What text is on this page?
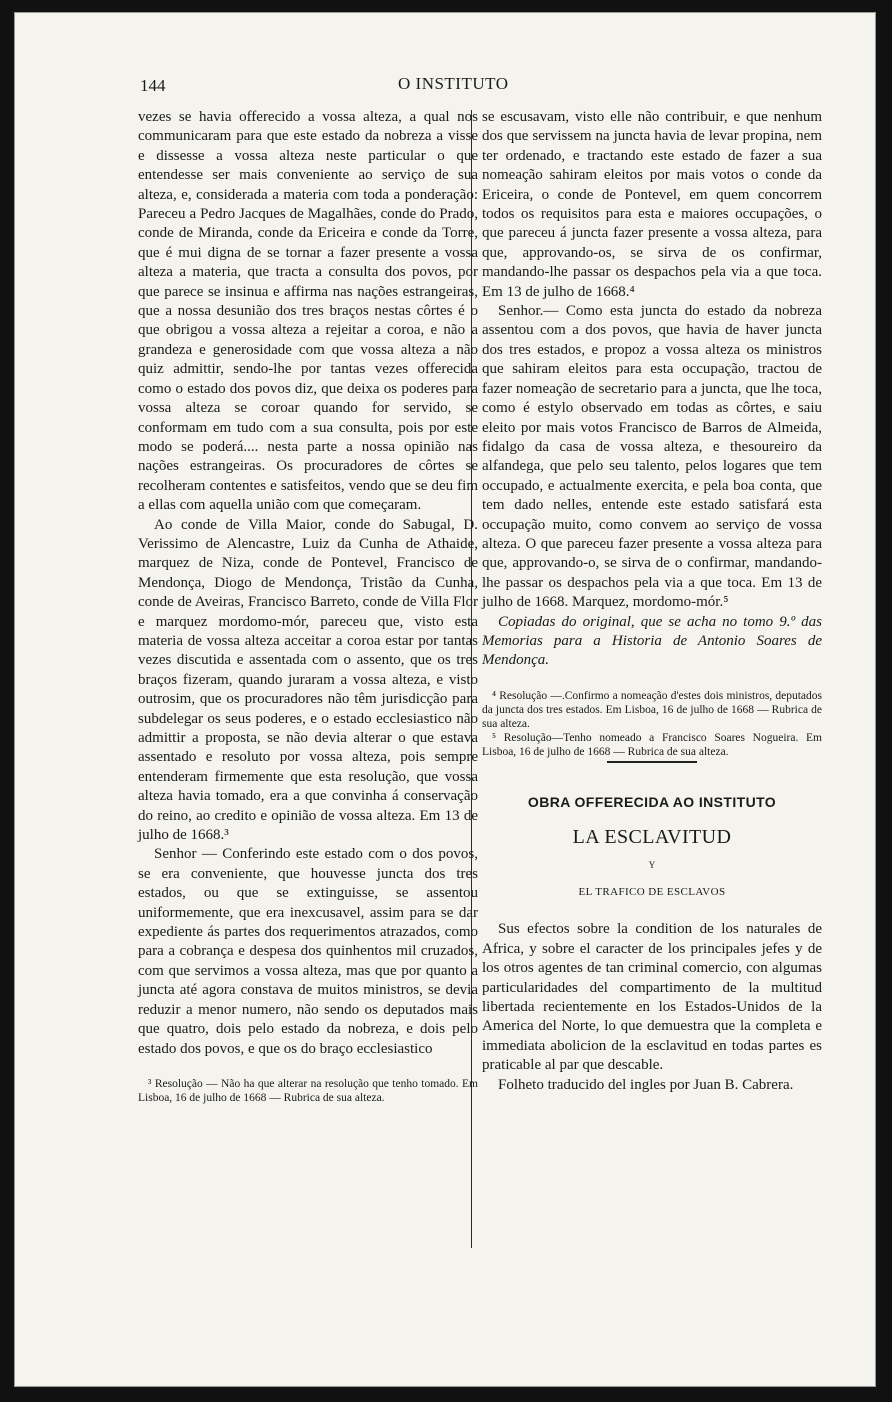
144	O INSTITUTO

vezes se havia offerecido a vossa alteza, a qual nos communicaram para que este estado da nobreza a visse e dissesse a vossa alteza neste particular o que entendesse ser mais conveniente ao serviço de sua alteza, e, considerada a materia com toda a ponderação: Pareceu a Pedro Jacques de Magalhães, conde do Prado, conde de Miranda, conde da Ericeira e conde da Torre, que é mui digna de se tornar a fazer presente a vossa alteza a materia, que tracta a consulta dos povos, por que parece se insinua e affirma nas nações estrangeiras, que a nossa desunião dos tres braços nestas côrtes é o que obrigou a vossa alteza a rejeitar a coroa, e não a grandeza e generosidade com que vossa alteza a não quiz admittir, sendo-lhe por tantas vezes offerecida como o estado dos povos diz, que deixa os poderes para vossa alteza se coroar quando for servido, se conformam em tudo com a sua consulta, pois por este modo se poderá.... nesta parte a nossa opinião nas nações estrangeiras. Os procuradores de côrtes se recolheram contentes e satisfeitos, vendo que se deu fim a ellas com aquella união com que começaram.

Ao conde de Villa Maior, conde do Sabugal, D. Verissimo de Alencastre, Luiz da Cunha de Athaide, marquez de Niza, conde de Pontevel, Francisco de Mendonça, Diogo de Mendonça, Tristão da Cunha, conde de Aveiras, Francisco Barreto, conde de Villa Flor e marquez mordomo-mór, pareceu que, visto esta materia de vossa alteza acceitar a coroa estar por tantas vezes discutida e assentada com o assento, que os tres braços fizeram, quando juraram a vossa alteza, e visto outrosim, que os procuradores não têm jurisdicção para subdelegar os seus poderes, e o estado ecclesiastico não admittir a proposta, se não devia alterar o que estava assentado e resoluto por vossa alteza, pois sempre entenderam firmemente que esta resolução, que vossa alteza havia tomado, era a que convinha á conservação do reino, ao credito e opinião de vossa alteza. Em 13 de julho de 1668.³

Senhor — Conferindo este estado com o dos povos, se era conveniente, que houvesse juncta dos tres estados, ou que se extinguisse, se assentou uniformemente, que era inexcusavel, assim para se dar expediente ás partes dos requerimentos atrazados, como para a cobrança e despesa dos quinhentos mil cruzados, com que servimos a vossa alteza, mas que por quanto a juncta até agora constava de muitos ministros, se devia reduzir a menor numero, não sendo os deputados mais que quatro, dois pelo estado da nobreza, e dois pelo estado dos povos, e que os do braço ecclesiastico

³ Resolução — Não ha que alterar na resolução que tenho tomado. Em Lisboa, 16 de julho de 1668 — Rubrica de sua alteza.

se escusavam, visto elle não contribuir, e que nenhum dos que servissem na juncta havia de levar propina, nem ter ordenado, e tractando este estado de fazer a sua nomeação sahiram eleitos por mais votos o conde da Ericeira, o conde de Pontevel, em quem concorrem todos os requisitos para esta e maiores occupações, o que pareceu á juncta fazer presente a vossa alteza, para que, approvando-os, se sirva de os confirmar, mandando-lhe passar os despachos pela via a que toca. Em 13 de julho de 1668.⁴

Senhor.— Como esta juncta do estado da nobreza assentou com a dos povos, que havia de haver juncta dos tres estados, e propoz a vossa alteza os ministros que sahiram eleitos para esta occupação, tractou de fazer nomeação de secretario para a juncta, que lhe toca, como é estylo observado em todas as côrtes, e saiu eleito por mais votos Francisco de Barros de Almeida, fidalgo da casa de vossa alteza, e thesoureiro da alfandega, que pelo seu talento, pelos logares que tem occupado, e actualmente exercita, e pela boa conta, que tem dado nelles, entende este estado satisfará esta occupação muito, como convem ao serviço de vossa alteza. O que pareceu fazer presente a vossa alteza para que, approvando-o, se sirva de o confirmar, mandando-lhe passar os despachos pela via a que toca. Em 13 de julho de 1668. Marquez, mordomo-mór.⁵

Copiadas do original, que se acha no tomo 9.º das Memorias para a Historia de Antonio Soares de Mendonça.

⁴ Resolução —.Confirmo a nomeação d'estes dois ministros, deputados da juncta dos tres estados. Em Lisboa, 16 de julho de 1668 — Rubrica de sua alteza.

⁵ Resolução—Tenho nomeado a Francisco Soares Nogueira. Em Lisboa, 16 de julho de 1668 — Rubrica de sua alteza.

OBRA OFFERECIDA AO INSTITUTO
LA ESCLAVITUD
Y
EL TRAFICO DE ESCLAVOS

Sus efectos sobre la condition de los naturales de Africa, y sobre el caracter de los principales jefes y de los otros agentes de tan criminal comercio, con algumas particularidades del compartimento de la multitud libertada recientemente en los Estados-Unidos de la America del Norte, lo que demuestra que la completa e immediata abolicion de la esclavitud en todas partes es praticable al par que descable.

Folheto traducido del ingles por Juan B. Cabrera.
